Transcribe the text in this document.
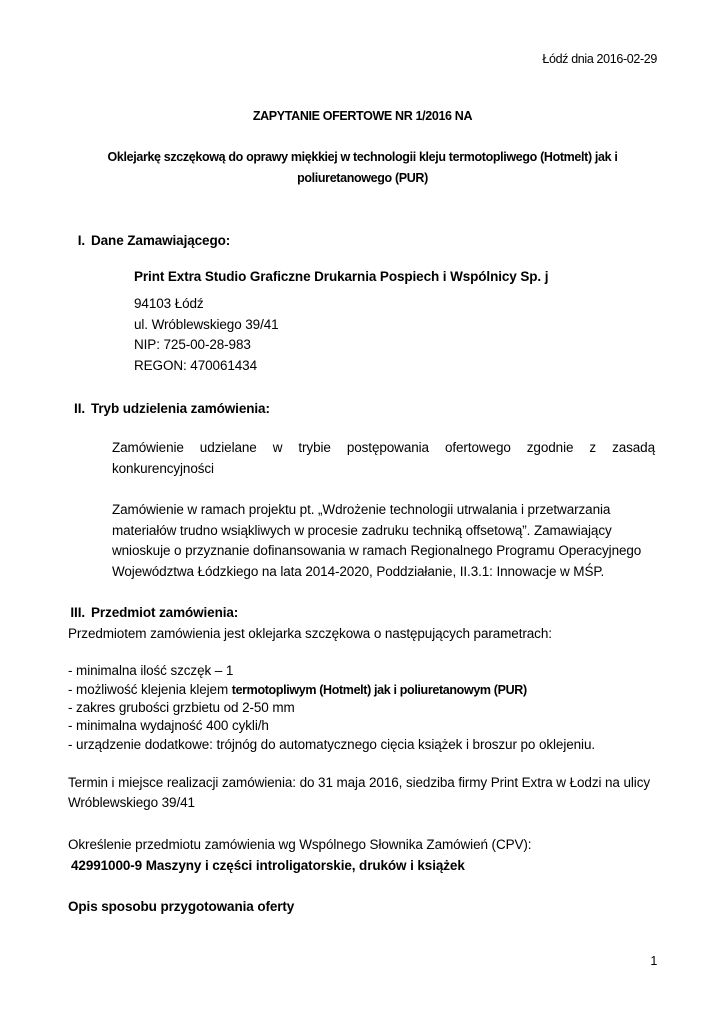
Łódź dnia 2016-02-29
ZAPYTANIE OFERTOWE NR 1/2016 NA
Oklejarkę szczękową do oprawy miękkiej w technologii kleju termotopliwego (Hotmelt) jak i
poliuretanowego (PUR)
I. Dane Zamawiającego:
Print Extra Studio Graficzne Drukarnia Pospiech i Wspólnicy Sp. j
94103 Łódź
ul. Wróblewskiego 39/41
NIP: 725-00-28-983
REGON: 470061434
II. Tryb udzielenia zamówienia:
Zamówienie udzielane w trybie postępowania ofertowego zgodnie z zasadą
konkurencyjności
Zamówienie w ramach projektu pt. „Wdrożenie technologii utrwalania i przetwarzania
materiałów trudno wsiąkliwych w procesie zadruku techniką offsetową”. Zamawiający
wnioskuje o przyznanie dofinansowania w ramach Regionalnego Programu Operacyjnego
Województwa Łódzkiego na lata 2014-2020, Poddziałanie, II.3.1: Innowacje w MŚP.
III. Przedmiot zamówienia:
Przedmiotem zamówienia jest oklejarka szczękowa o następujących parametrach:
- minimalna ilość szczęk – 1
- możliwość klejenia klejem termotopliwym (Hotmelt) jak i poliuretanowym (PUR)
- zakres grubości grzbietu od 2-50 mm
- minimalna wydajność 400 cykli/h
- urządzenie dodatkowe: trójnóg do automatycznego cięcia książek i broszur po oklejeniu.
Termin i miejsce realizacji zamówienia: do 31 maja 2016, siedziba firmy Print Extra w Łodzi na ulicy
Wróblewskiego 39/41
Określenie przedmiotu zamówienia wg Wspólnego Słownika Zamówień (CPV):
42991000-9 Maszyny i części introligatorskie, druków i książek
Opis sposobu przygotowania oferty
1
